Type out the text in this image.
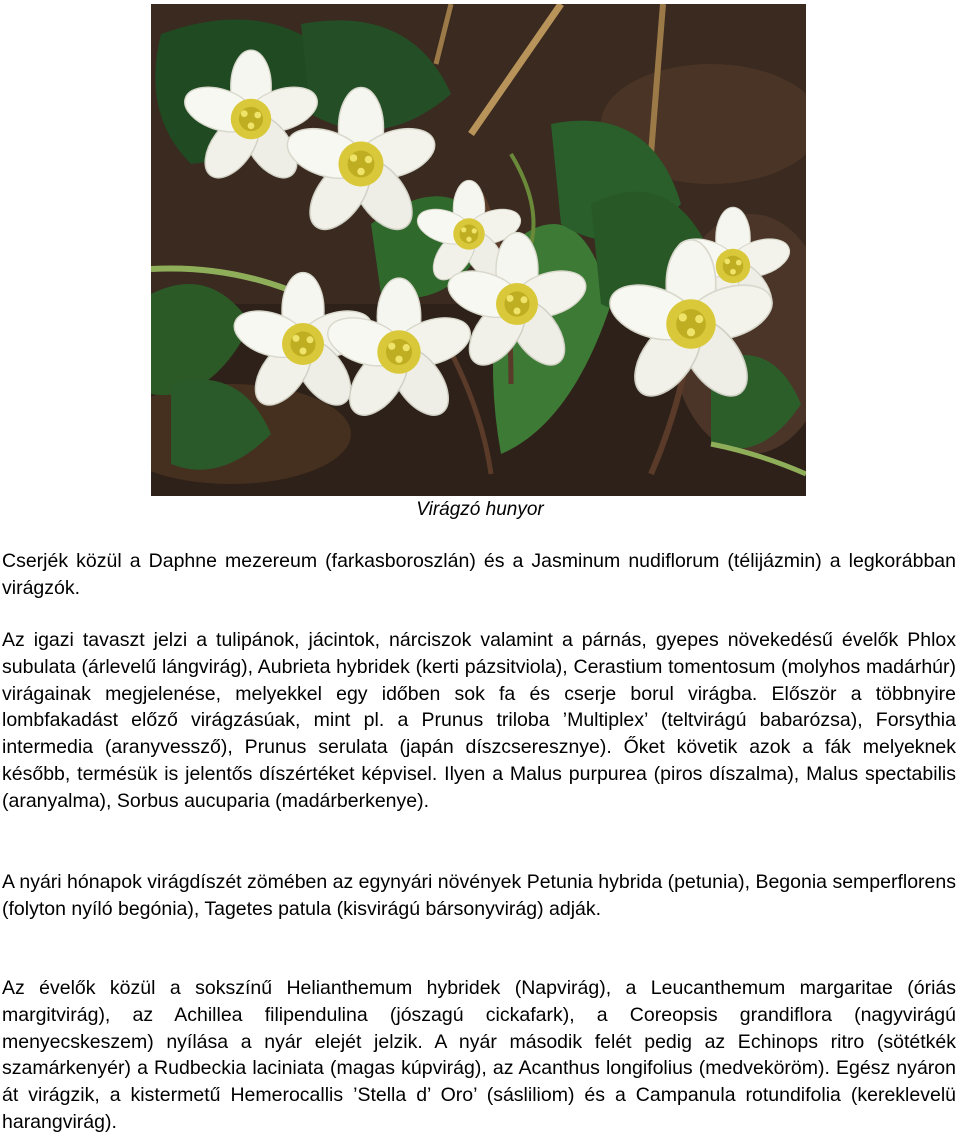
Virágzó hunyor

Cserjék közül a Daphne mezereum (farkasboroszlán) és a Jasminum nudiflorum (télijázmin) a legkorábban virágzók.

Az igazi tavaszt jelzi a tulipánok, jácintok, nárciszok valamint a párnás, gyepes növekedésű évelők Phlox subulata (árlevelű lángvirág), Aubrieta hybridek (kerti pázsitviola), Cerastium tomentosum (molyhos madárhúr) virágainak megjelenése, melyekkel egy időben sok fa és cserje borul virágba. Először a többnyire lombfakadást előző virágzásúak, mint pl. a Prunus triloba ’Multiplex’ (teltvirágú babarózsa), Forsythia intermedia (aranyvessző), Prunus serulata (japán díszcseresznye). Őket követik azok a fák melyeknek később, termésük is jelentős díszértéket képvisel. Ilyen a Malus purpurea (piros díszalma), Malus spectabilis (aranyalma), Sorbus aucuparia (madárberkenye).

A nyári hónapok virágdíszét zömében az egynyári növények Petunia hybrida (petunia), Begonia semperflorens (folyton nyíló begónia), Tagetes patula (kisvirágú bársonyvirág) adják.

Az évelők közül a sokszínű Helianthemum hybridek (Napvirág), a Leucanthemum margaritae (óriás margitvirág), az Achillea filipendulina (jószagú cickafark), a Coreopsis grandiflora (nagyvirágú menyecskeszem) nyílása a nyár elejét jelzik. A nyár második felét pedig az Echinops ritro (sötétkék szamárkenyér) a Rudbeckia laciniata (magas kúpvirág), az Acanthus longifolius (medveköröm). Egész nyáron át virágzik, a kistermetű Hemerocallis ’Stella d’ Oro’ (sásliliom) és a Campanula rotundifolia (kereklevelü harangvirág).
